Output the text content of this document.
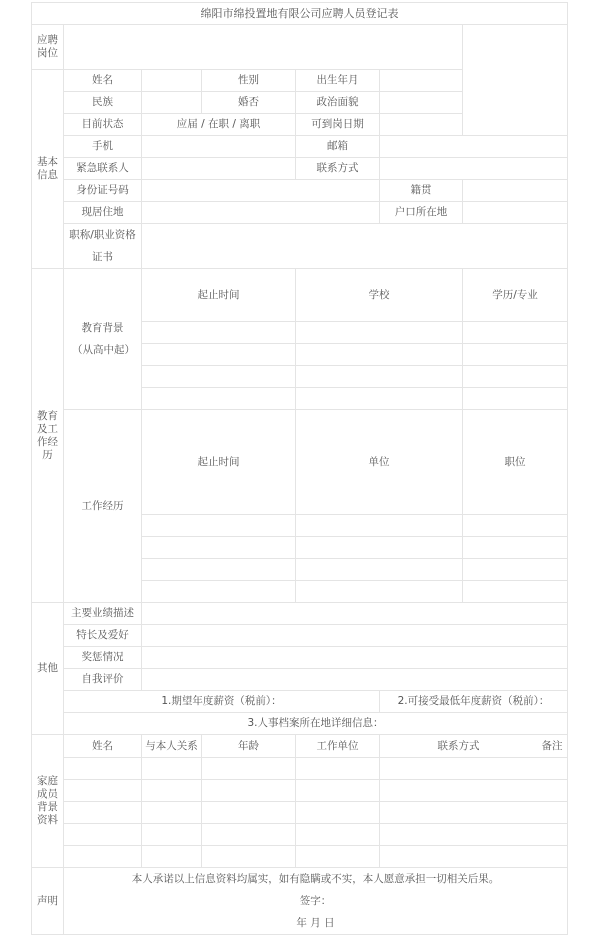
绵阳市绵投置地有限公司应聘人员登记表							
应聘岗位							
基本信息	姓名		性别	出生年月		
	民族		婚否	政治面貌			
	目前状态	应届 / 在职 / 离职		可到岗日期			
	手机			邮箱			
	紧急联系人			联系方式			
	身份证号码				籍贯		
	现居住地				户口所在地		
	职称/职业资格证书						
教育及工作经历	教育背景（从高中起）	起止时间		学校		学历/专业	

	工作经历	起止时间		单位		职位	

其他	主要业绩描述						
	特长及爱好						
	奖惩情况						
	自我评价						
	1.期望年度薪资（税前）：				2.可接受最低年度薪资（税前）：		
	3.人事档案所在地详细信息：						
家庭成员背景资料	姓名	与本人关系	年龄	工作单位	联系方式 备注		

声明	本人承诺以上信息资料均属实，如有隐瞒或不实，本人愿意承担一切相关后果。
签字：
年 月 日						
